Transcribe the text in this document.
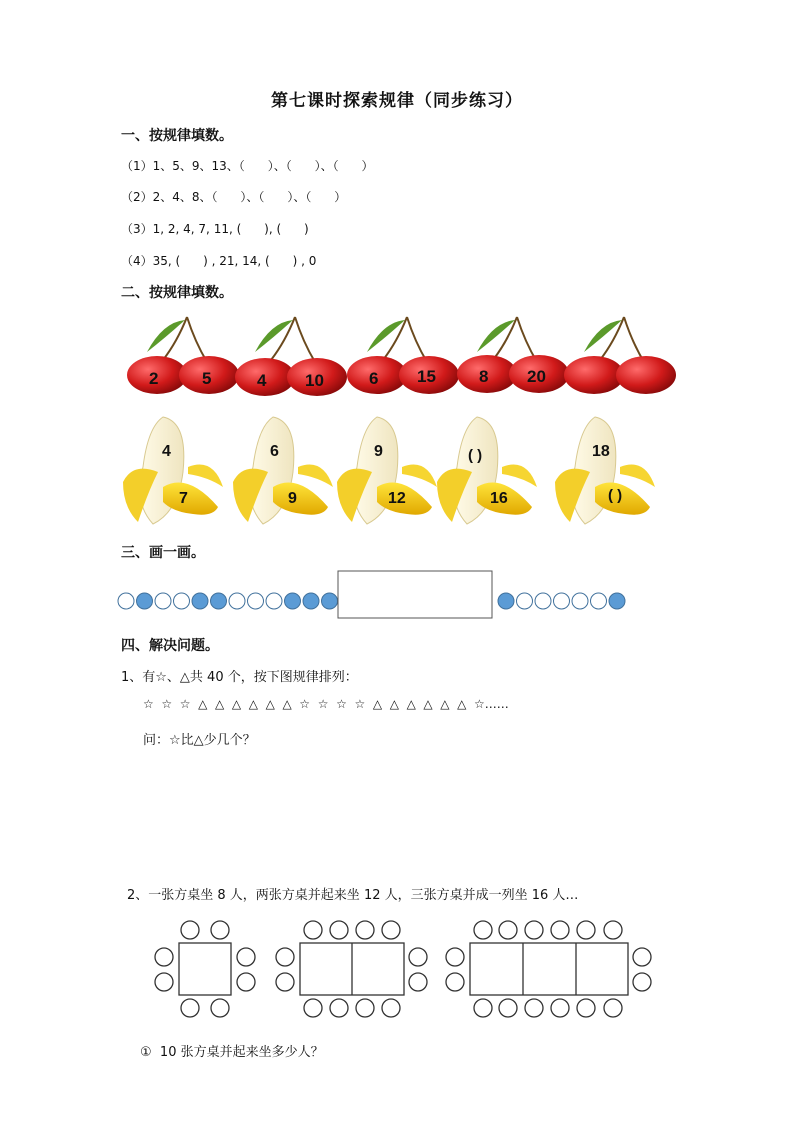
第七课时探索规律（同步练习）
一、按规律填数。
（1）1、5、9、13、（      ）、（      ）、（      ）
（2）2、4、8、（      ）、（      ）、（      ）
（3）1, 2, 4, 7, 11, (      ), (      )
（4）35, (      ) , 21, 14, (      ) , 0
二、按规律填数。
2	5	4 10	6 15	8 20
4
7
6
9
9
12
( )
16
18
( )
三、画一画。
四、解决问题。
1、有☆、△共 40 个，按下图规律排列：
☆  ☆  ☆  △  △  △  △  △  △  ☆  ☆  ☆  ☆  △  △  △  △  △  △  ☆……
问：☆比△少几个？
2、一张方桌坐 8 人，两张方桌并起来坐 12 人，三张方桌并成一列坐 16 人…
①  10 张方桌并起来坐多少人？
